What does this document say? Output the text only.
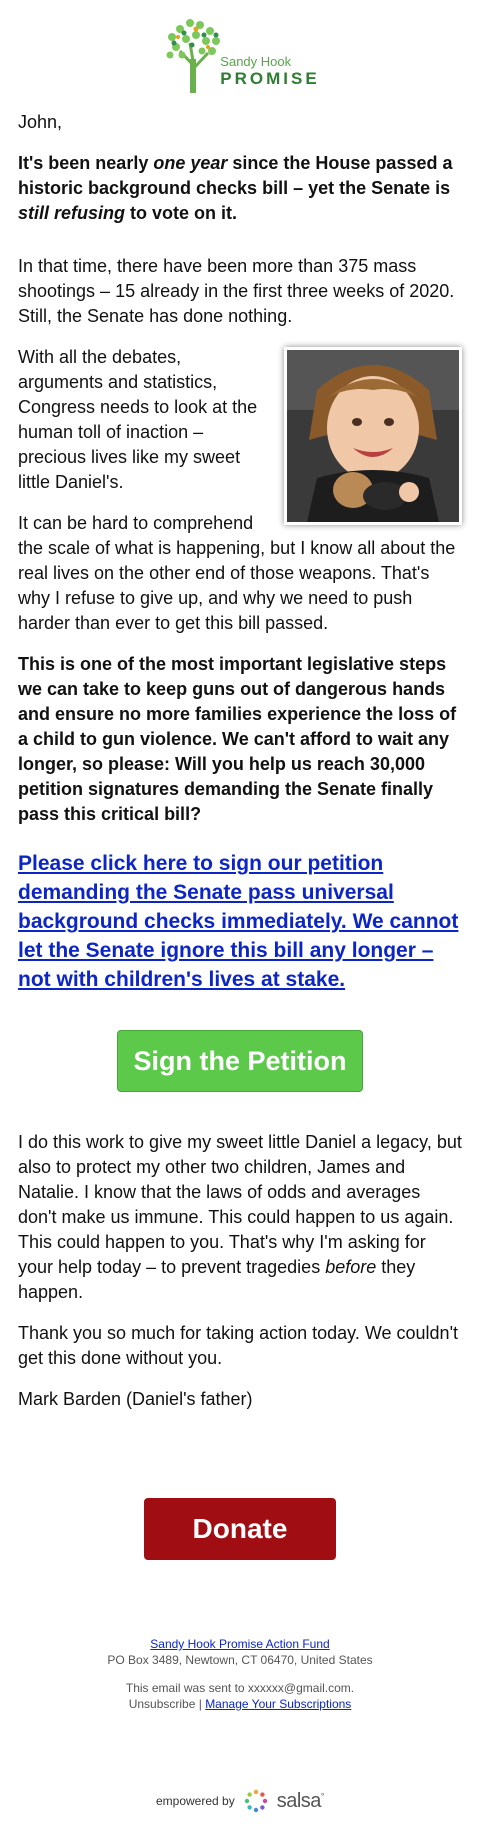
Sandy Hook
PROMISE

John,

It's been nearly one year since the House passed a historic background checks bill – yet the Senate is still refusing to vote on it.

In that time, there have been more than 375 mass shootings – 15 already in the first three weeks of 2020. Still, the Senate has done nothing.

With all the debates, arguments and statistics, Congress needs to look at the human toll of inaction – precious lives like my sweet little Daniel's.

It can be hard to comprehend the scale of what is happening, but I know all about the real lives on the other end of those weapons. That's why I refuse to give up, and why we need to push harder than ever to get this bill passed.

This is one of the most important legislative steps we can take to keep guns out of dangerous hands and ensure no more families experience the loss of a child to gun violence. We can't afford to wait any longer, so please: Will you help us reach 30,000 petition signatures demanding the Senate finally pass this critical bill?

Please click here to sign our petition demanding the Senate pass universal background checks immediately. We cannot let the Senate ignore this bill any longer – not with children's lives at stake.
Sign the Petition

I do this work to give my sweet little Daniel a legacy, but also to protect my other two children, James and Natalie. I know that the laws of odds and averages don't make us immune. This could happen to us again. This could happen to you. That's why I'm asking for your help today – to prevent tragedies before they happen.

Thank you so much for taking action today. We couldn't get this done without you.

Mark Barden (Daniel's father)

Donate
Sandy Hook Promise Action Fund
PO Box 3489, Newtown, CT 06470, United States
This email was sent to xxxxxx@gmail.com.
Unsubscribe | Manage Your Subscriptions
empowered by salsa°
